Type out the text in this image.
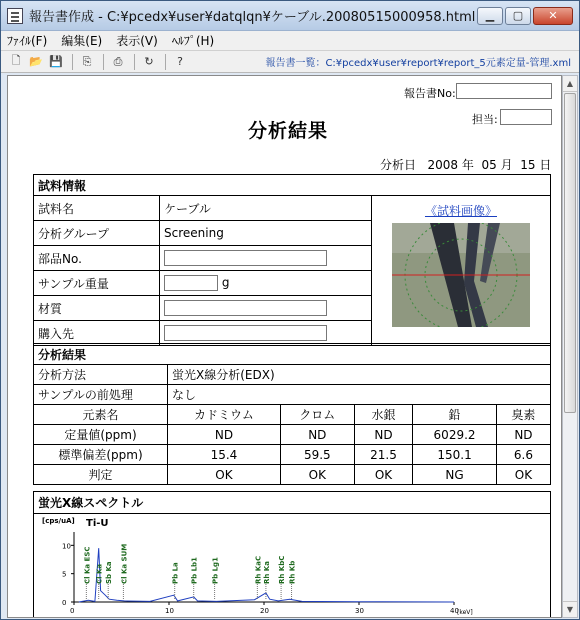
報告書作成 - C:¥pcedx¥user¥datqlqn¥ケーブル.20080515000958.html ▁	▢	✕
ﾌｧｲﾙ(F) 編集(E) 表示(V) ﾍﾙﾌﾟ(H)
🗋 📂 💾	⎘	⎙	↻	?	報告書一覧：C:¥pcedx¥user¥report¥report_5元素定量-管理.xml
報告書No:
担当:
分析結果
分析日 2008 年 05 月 15 日
試料情報		
試料名	ケーブル	《試料画像》

分析グループ	Screening	
部品No.		
サンプル重量	g	
材質		
購入先		
分析結果					
分析方法	蛍光X線分析(EDX)				
サンプルの前処理	なし				
元素名	カドミウム	クロム	水銀	鉛	臭素
定量値(ppm)	ND	ND	ND	6029.2	ND
標準偏差(ppm)	15.4	59.5	21.5	150.1	6.6
判定	OK	OK	OK	NG	OK
蛍光X線スペクトル
[cps/uA] Ti-U
[keV]
10
5
0
0	10	20	30	40
Cl Ka ESC Cl Ka Sb Ka Cl Ka SUM	Pb La Pb Lb1 Pb Lg1	Rh KaC Rh Ka Rh KbC Rh Kb
▲
▼
